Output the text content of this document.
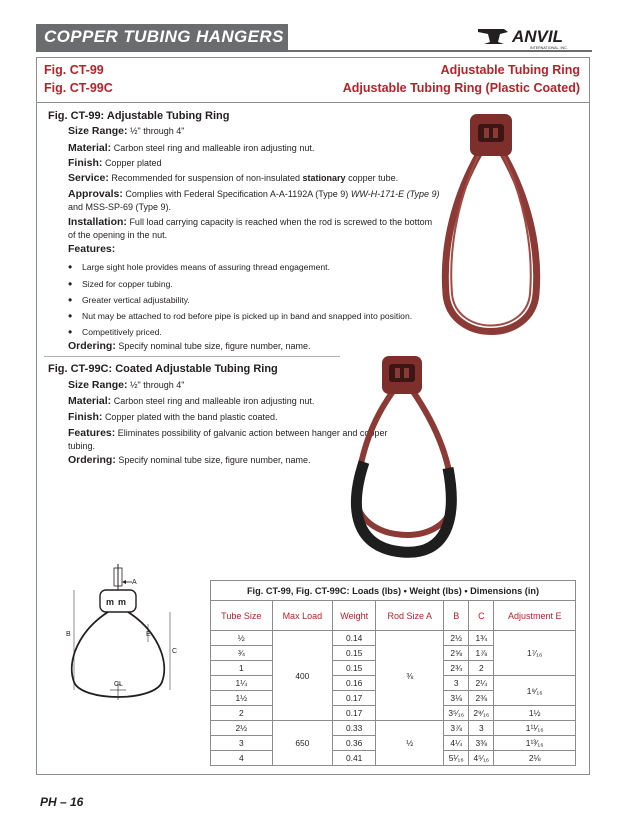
COPPER TUBING HANGERS	ANVIL
INTERNATIONAL, INC.
Fig. CT-99	Adjustable Tubing Ring
Fig. CT-99C	Adjustable Tubing Ring (Plastic Coated)
Fig. CT-99: Adjustable Tubing Ring
Size Range: ½" through 4"
Material: Carbon steel ring and malleable iron adjusting nut.
Finish: Copper plated
Service: Recommended for suspension of non-insulated stationary copper tube.
Approvals: Complies with Federal Specification A-A-1192A (Type 9) WW-H-171-E (Type 9)
and MSS-SP-69 (Type 9).
Installation: Full load carrying capacity is reached when the rod is screwed to the bottom
of the opening in the nut.
Features:
• Large sight hole provides means of assuring thread engagement.
• Sized for copper tubing.
• Greater vertical adjustability.
• Nut may be attached to rod before pipe is picked up in band and snapped into position.
• Competitively priced.
Ordering: Specify nominal tube size, figure number, name.
Fig. CT-99C: Coated Adjustable Tubing Ring
Size Range: ½" through 4"
Material: Carbon steel ring and malleable iron adjusting nut.
Finish: Copper plated with the band plastic coated.
Features: Eliminates possibility of galvanic action between hanger and copper
tubing.
Ordering: Specify nominal tube size, figure number, name.
A
m m
C̶L
B
C
E
Fig. CT-99, Fig. CT-99C: Loads (lbs) • Weight (lbs) • Dimensions (in)						
Tube Size	Max Load	Weight	Rod Size A	B	C	Adjustment E
½	400	0.14	⅜	2½	1¾	1⁷⁄₁₆
¾		0.15		2⅝	1⅞	
1		0.15		2¾	2	
1¼		0.16		3	2¼	1⁹⁄₁₆
1½		0.17		3⅛	2⅜	
2		0.17		3⁵⁄₁₆	2⁹⁄₁₆	1½
2½	650	0.33	½	3⅞	3	1¹¹⁄₁₆
3		0.36		4¼	3⅜	1¹³⁄₁₆
4		0.41		5¹⁄₁₆	4⁵⁄₁₆	2⅛
PH – 16
